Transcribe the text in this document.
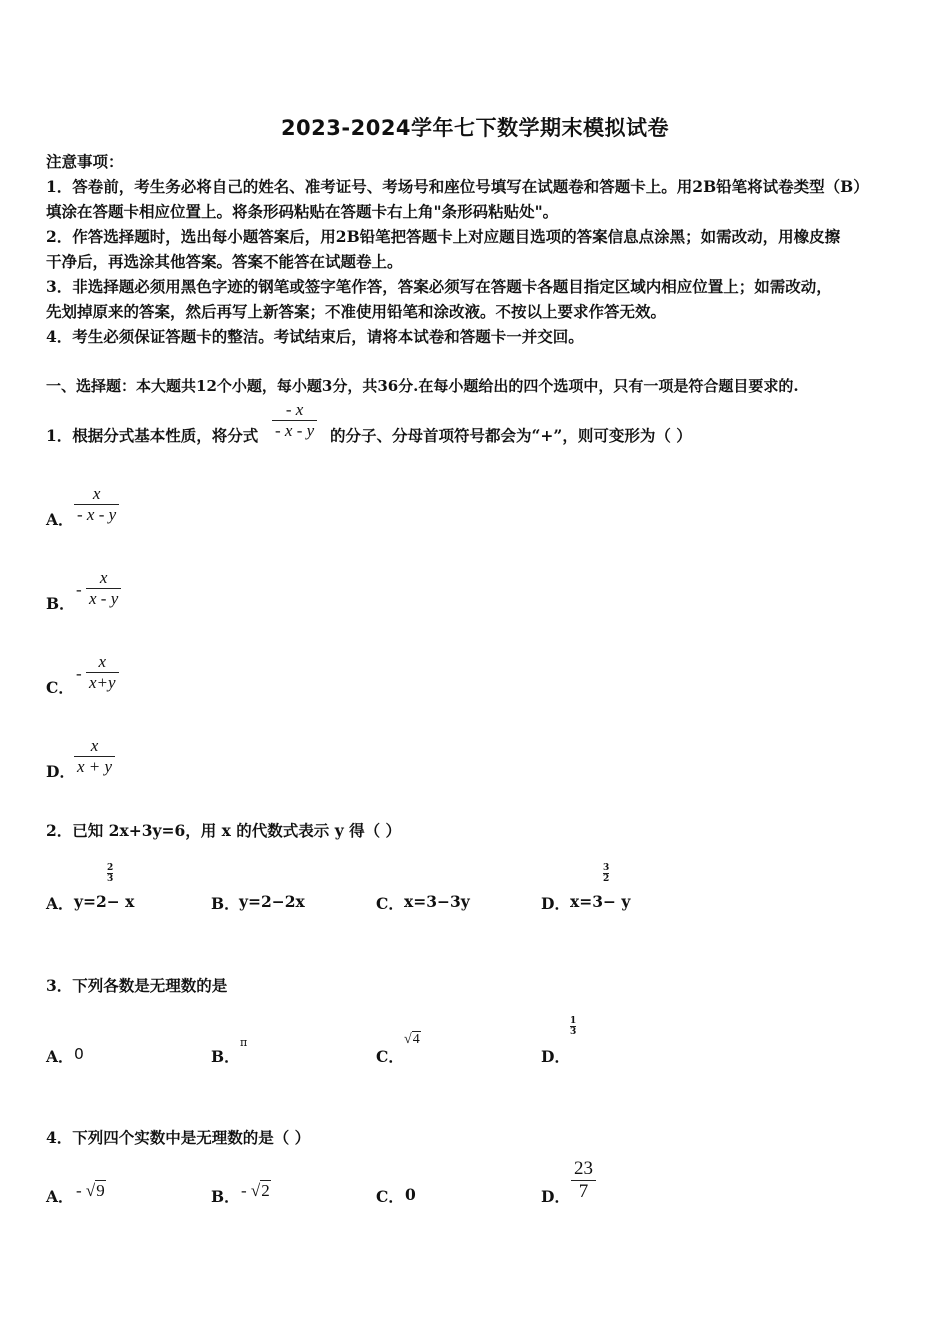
2023-2024学年七下数学期末模拟试卷
注意事项：
1．答卷前，考生务必将自己的姓名、准考证号、考场号和座位号填写在试题卷和答题卡上。用2B铅笔将试卷类型（B）
填涂在答题卡相应位置上。将条形码粘贴在答题卡右上角"条形码粘贴处"。
2．作答选择题时，选出每小题答案后，用2B铅笔把答题卡上对应题目选项的答案信息点涂黑；如需改动，用橡皮擦
干净后，再选涂其他答案。答案不能答在试题卷上。
3．非选择题必须用黑色字迹的钢笔或签字笔作答，答案必须写在答题卡各题目指定区域内相应位置上；如需改动，
先划掉原来的答案，然后再写上新答案；不准使用铅笔和涂改液。不按以上要求作答无效。
4．考生必须保证答题卡的整洁。考试结束后，请将本试卷和答题卡一并交回。
一、选择题：本大题共12个小题，每小题3分，共36分.在每小题给出的四个选项中，只有一项是符合题目要求的.
1．根据分式基本性质，将分式
- x
- x - y 的分子、分母首项符号都会为“+”，则可变形为（ ）
A．
x
- x - y
B．
-
x
x - y
C．
-
x
x+y
D．
x
x + y
2．已知 2x+3y=6，用 x 的代数式表示 y 得（ ）
A． y=2− x
2
3
B． y=2−2x	C． x=3−3y	D． x=3− y
3
2
3．下列各数是无理数的是
A． 0	B．
π
C．
√4
D．
1
3
4．下列四个实数中是无理数的是（ ）
A． - √9	B． - √2	C． 0	D．
23
7
